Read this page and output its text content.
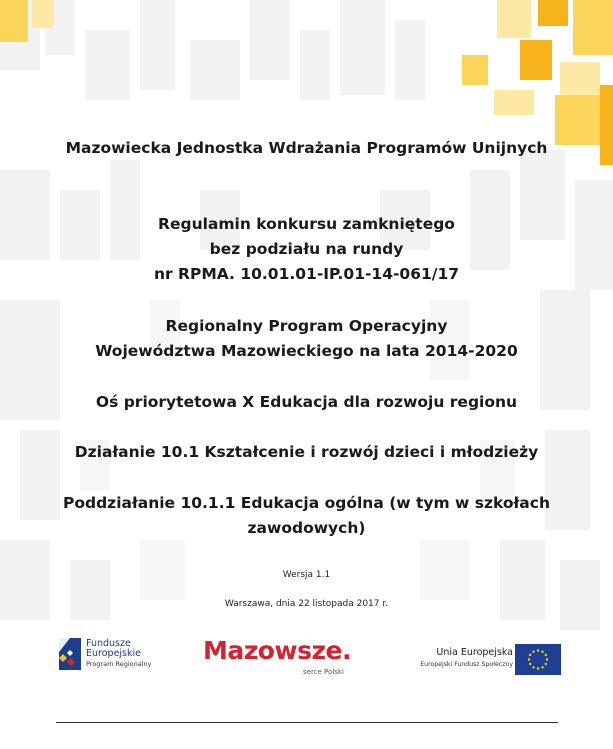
Mazowiecka Jednostka Wdrażania Programów Unijnych
Regulamin konkursu zamkniętego
bez podziału na rundy
nr RPMA. 10.01.01-IP.01-14-061/17
Regionalny Program Operacyjny
Województwa Mazowieckiego na lata 2014-2020
Oś priorytetowa X Edukacja dla rozwoju regionu
Działanie 10.1 Kształcenie i rozwój dzieci i młodzieży
Poddziałanie 10.1.1 Edukacja ogólna (w tym w szkołach
zawodowych)
Wersja 1.1
Warszawa, dnia 22 listopada 2017 r.
Fundusze
Europejskie
Program Regionalny Mazowsze.
serce Polski
Unia Europejska
Europejski Fundusz Społeczny
